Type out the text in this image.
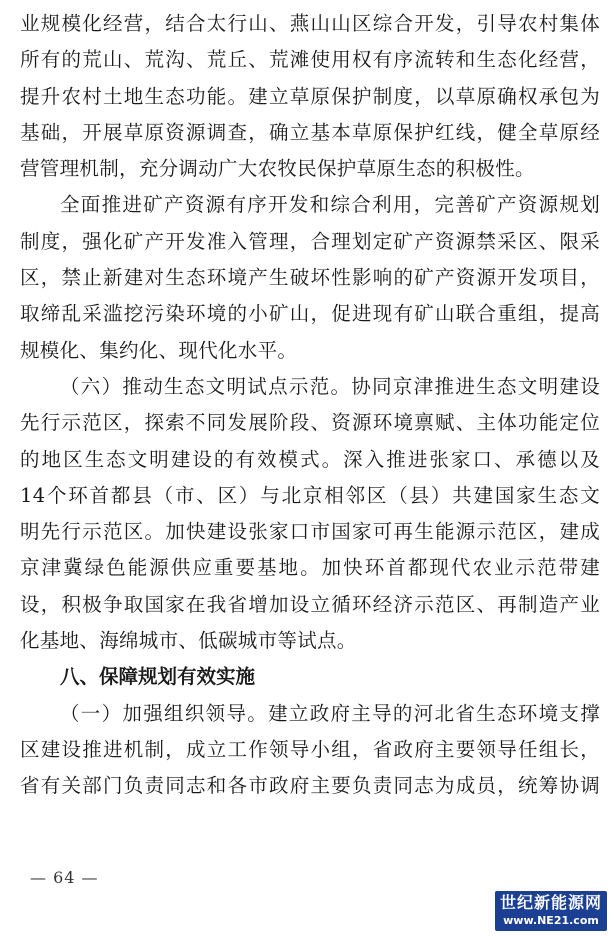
业规模化经营，结合太行山、燕山山区综合开发，引导农村集体
所有的荒山、荒沟、荒丘、荒滩使用权有序流转和生态化经营，
提升农村土地生态功能。建立草原保护制度，以草原确权承包为
基础，开展草原资源调查，确立基本草原保护红线，健全草原经
营管理机制，充分调动广大农牧民保护草原生态的积极性。
全面推进矿产资源有序开发和综合利用，完善矿产资源规划
制度，强化矿产开发准入管理，合理划定矿产资源禁采区、限采
区，禁止新建对生态环境产生破坏性影响的矿产资源开发项目，
取缔乱采滥挖污染环境的小矿山，促进现有矿山联合重组，提高
规模化、集约化、现代化水平。
（六）推动生态文明试点示范。协同京津推进生态文明建设
先行示范区，探索不同发展阶段、资源环境禀赋、主体功能定位
的地区生态文明建设的有效模式。深入推进张家口、承德以及
14个环首都县（市、区）与北京相邻区（县）共建国家生态文
明先行示范区。加快建设张家口市国家可再生能源示范区，建成
京津冀绿色能源供应重要基地。加快环首都现代农业示范带建
设，积极争取国家在我省增加设立循环经济示范区、再制造产业
化基地、海绵城市、低碳城市等试点。
八、保障规划有效实施
（一）加强组织领导。建立政府主导的河北省生态环境支撑
区建设推进机制，成立工作领导小组，省政府主要领导任组长，
省有关部门负责同志和各市政府主要负责同志为成员，统筹协调
— 64 —
世纪新能源网
www.NE21.com
